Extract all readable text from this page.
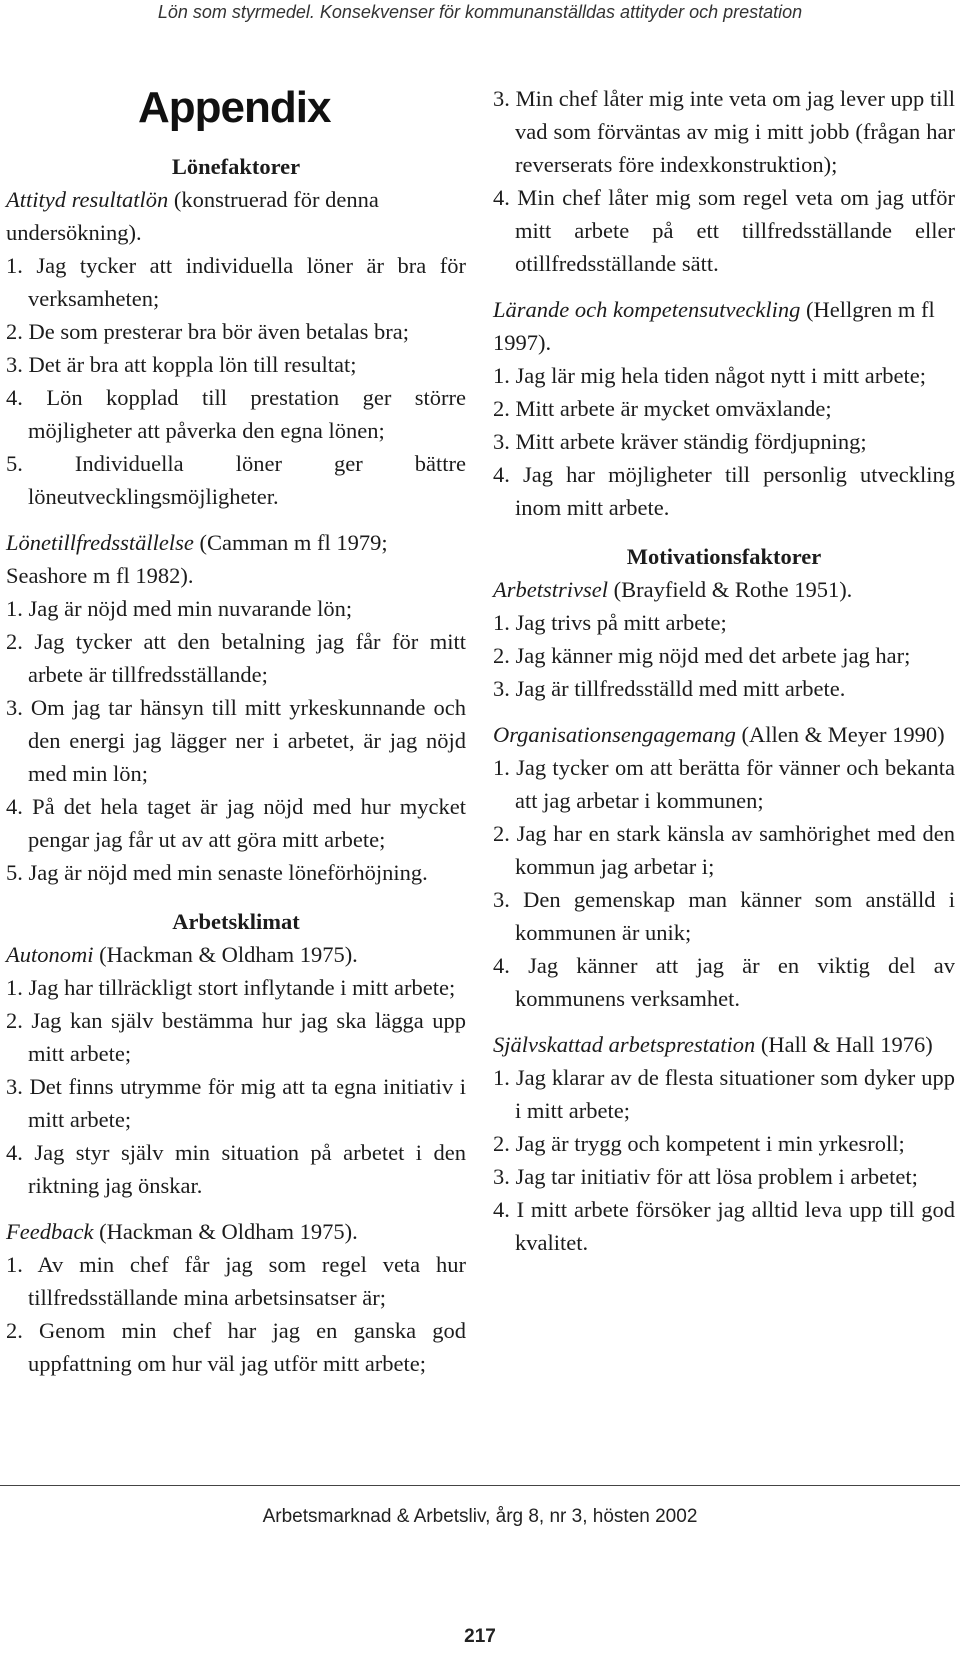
Lön som styrmedel. Konsekvenser för kommunanställdas attityder och prestation
Appendix

Lönefaktorer

Attityd resultatlön (konstruerad för denna undersökning).

1. Jag tycker att individuella löner är bra för verksamheten;

2. De som presterar bra bör även betalas bra;

3. Det är bra att koppla lön till resultat;

4. Lön kopplad till prestation ger större möjligheter att påverka den egna lönen;

5. Individuella löner ger bättre löneutvecklingsmöjligheter.

Lönetillfredsställelse (Camman m fl 1979; Seashore m fl 1982).

1. Jag är nöjd med min nuvarande lön;

2. Jag tycker att den betalning jag får för mitt arbete är tillfredsställande;

3. Om jag tar hänsyn till mitt yrkeskunnande och den energi jag lägger ner i arbetet, är jag nöjd med min lön;

4. På det hela taget är jag nöjd med hur mycket pengar jag får ut av att göra mitt arbete;

5. Jag är nöjd med min senaste löneförhöjning.

Arbetsklimat

Autonomi (Hackman & Oldham 1975).

1. Jag har tillräckligt stort inflytande i mitt arbete;

2. Jag kan själv bestämma hur jag ska lägga upp mitt arbete;

3. Det finns utrymme för mig att ta egna initiativ i mitt arbete;

4. Jag styr själv min situation på arbetet i den riktning jag önskar.

Feedback (Hackman & Oldham 1975).

1. Av min chef får jag som regel veta hur tillfredsställande mina arbetsinsatser är;

2. Genom min chef har jag en ganska god uppfattning om hur väl jag utför mitt arbete;

3. Min chef låter mig inte veta om jag lever upp till vad som förväntas av mig i mitt jobb (frågan har reverserats före indexkonstruktion);

4. Min chef låter mig som regel veta om jag utför mitt arbete på ett tillfredsställande eller otillfredsställande sätt.

Lärande och kompetensutveckling (Hellgren m fl 1997).

1. Jag lär mig hela tiden något nytt i mitt arbete;

2. Mitt arbete är mycket omväxlande;

3. Mitt arbete kräver ständig fördjupning;

4. Jag har möjligheter till personlig utveckling inom mitt arbete.

Motivationsfaktorer

Arbetstrivsel (Brayfield & Rothe 1951).

1. Jag trivs på mitt arbete;

2. Jag känner mig nöjd med det arbete jag har;

3. Jag är tillfredsställd med mitt arbete.

Organisationsengagemang (Allen & Meyer 1990)

1. Jag tycker om att berätta för vänner och bekanta att jag arbetar i kommunen;

2. Jag har en stark känsla av samhörighet med den kommun jag arbetar i;

3. Den gemenskap man känner som anställd i kommunen är unik;

4. Jag känner att jag är en viktig del av kommunens verksamhet.

Självskattad arbetsprestation (Hall & Hall 1976)

1. Jag klarar av de flesta situationer som dyker upp i mitt arbete;

2. Jag är trygg och kompetent i min yrkesroll;

3. Jag tar initiativ för att lösa problem i arbetet;

4. I mitt arbete försöker jag alltid leva upp till god kvalitet.

Arbetsmarknad & Arbetsliv, årg 8, nr 3, hösten 2002
217
